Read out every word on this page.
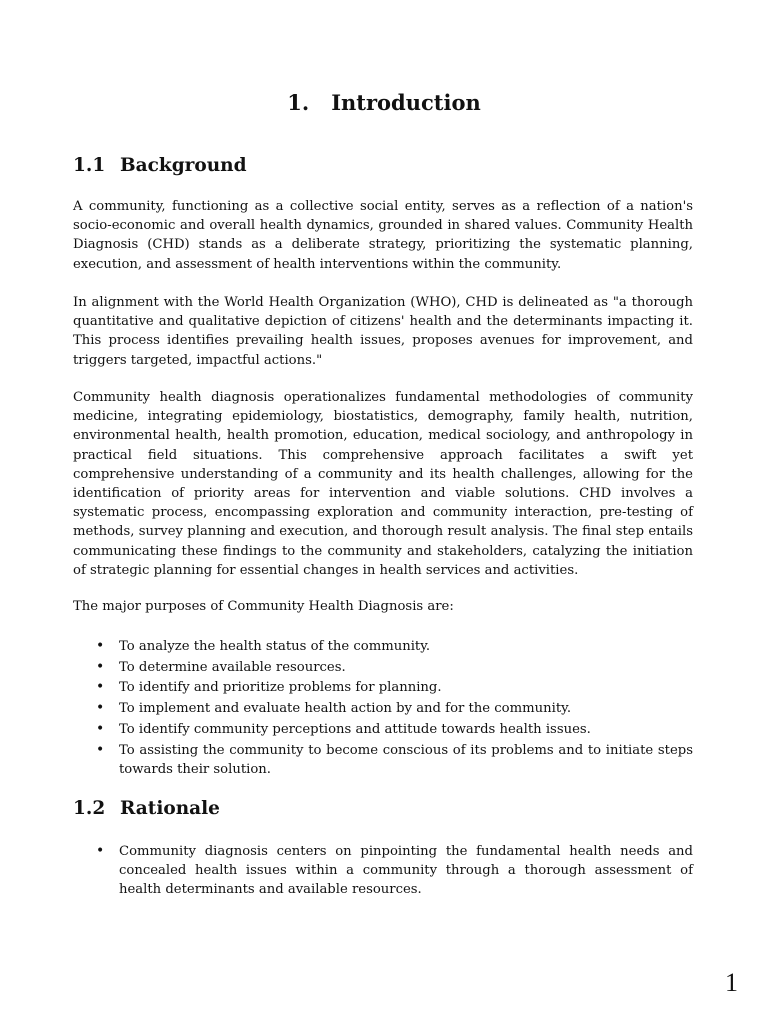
1. Introduction
1.1 Background

A community, functioning as a collective social entity, serves as a reflection of a nation's socio-economic and overall health dynamics, grounded in shared values. Community Health Diagnosis (CHD) stands as a deliberate strategy, prioritizing the systematic planning, execution, and assessment of health interventions within the community.

In alignment with the World Health Organization (WHO), CHD is delineated as "a thorough quantitative and qualitative depiction of citizens' health and the determinants impacting it. This process identifies prevailing health issues, proposes avenues for improvement, and triggers targeted, impactful actions."

Community health diagnosis operationalizes fundamental methodologies of community medicine, integrating epidemiology, biostatistics, demography, family health, nutrition, environmental health, health promotion, education, medical sociology, and anthropology in practical field situations. This comprehensive approach facilitates a swift yet comprehensive understanding of a community and its health challenges, allowing for the identification of priority areas for intervention and viable solutions. CHD involves a systematic process, encompassing exploration and community interaction, pre-testing of methods, survey planning and execution, and thorough result analysis. The final step entails communicating these findings to the community and stakeholders, catalyzing the initiation of strategic planning for essential changes in health services and activities.

The major purposes of Community Health Diagnosis are:

• To analyze the health status of the community.
• To determine available resources.
• To identify and prioritize problems for planning.
• To implement and evaluate health action by and for the community.
• To identify community perceptions and attitude towards health issues.
• To assisting the community to become conscious of its problems and to initiate steps towards their solution.
1.2 Rationale
• Community diagnosis centers on pinpointing the fundamental health needs and concealed health issues within a community through a thorough assessment of health determinants and available resources.
1
